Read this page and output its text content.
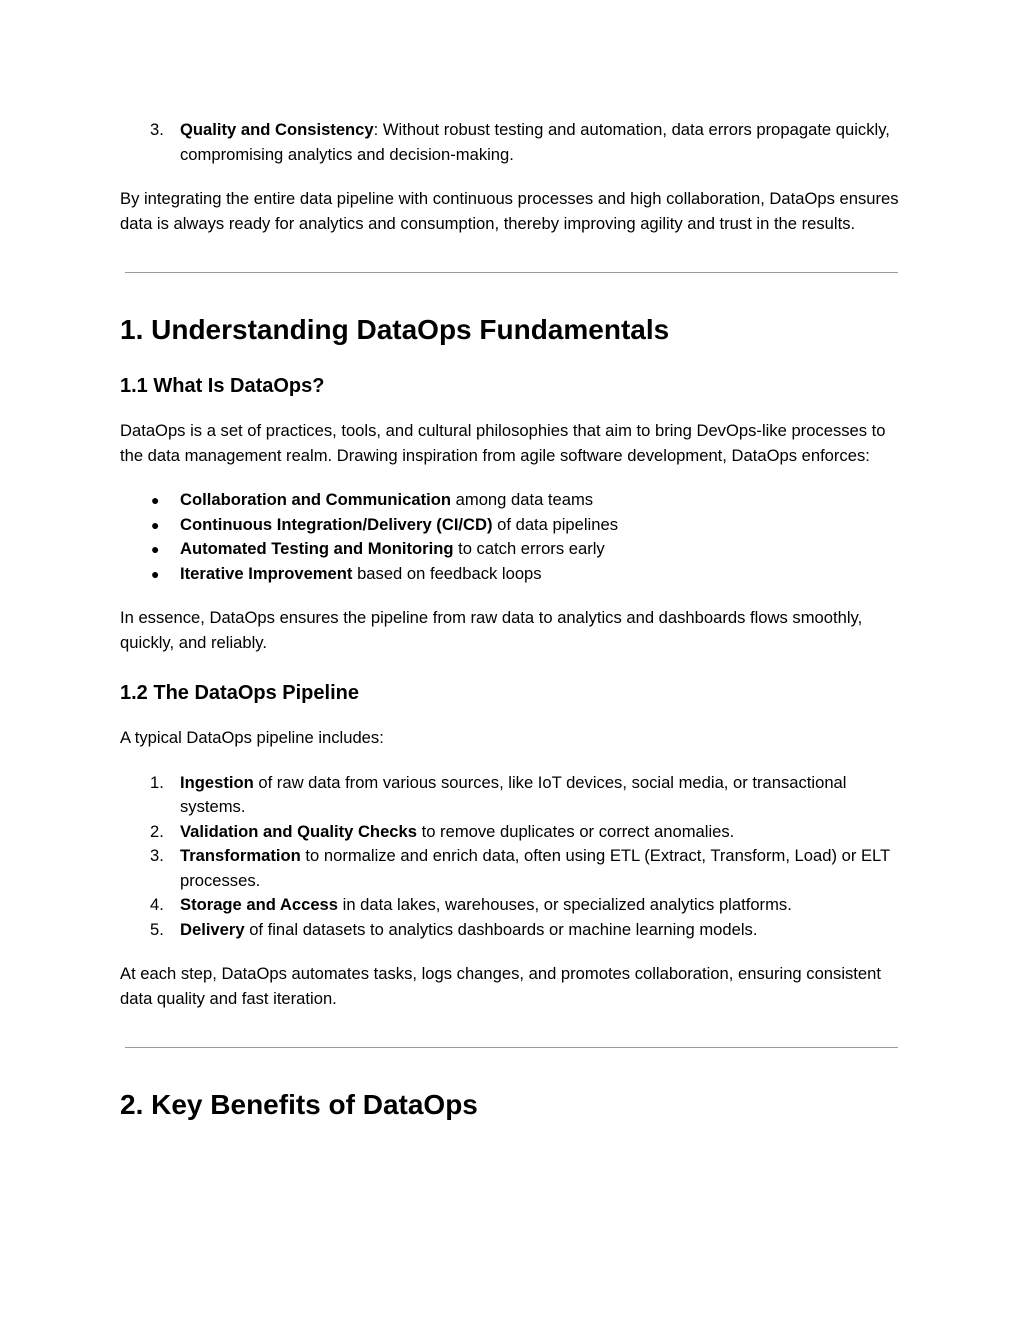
3. Quality and Consistency: Without robust testing and automation, data errors propagate quickly, compromising analytics and decision-making.

By integrating the entire data pipeline with continuous processes and high collaboration, DataOps ensures data is always ready for analytics and consumption, thereby improving agility and trust in the results.

1. Understanding DataOps Fundamentals
1.1 What Is DataOps?

DataOps is a set of practices, tools, and cultural philosophies that aim to bring DevOps-like processes to the data management realm. Drawing inspiration from agile software development, DataOps enforces:

● Collaboration and Communication among data teams
● Continuous Integration/Delivery (CI/CD) of data pipelines
● Automated Testing and Monitoring to catch errors early
● Iterative Improvement based on feedback loops

In essence, DataOps ensures the pipeline from raw data to analytics and dashboards flows smoothly, quickly, and reliably.

1.2 The DataOps Pipeline

A typical DataOps pipeline includes:

1. Ingestion of raw data from various sources, like IoT devices, social media, or transactional systems.
2. Validation and Quality Checks to remove duplicates or correct anomalies.
3. Transformation to normalize and enrich data, often using ETL (Extract, Transform, Load) or ELT processes.
4. Storage and Access in data lakes, warehouses, or specialized analytics platforms.
5. Delivery of final datasets to analytics dashboards or machine learning models.

At each step, DataOps automates tasks, logs changes, and promotes collaboration, ensuring consistent data quality and fast iteration.

2. Key Benefits of DataOps
